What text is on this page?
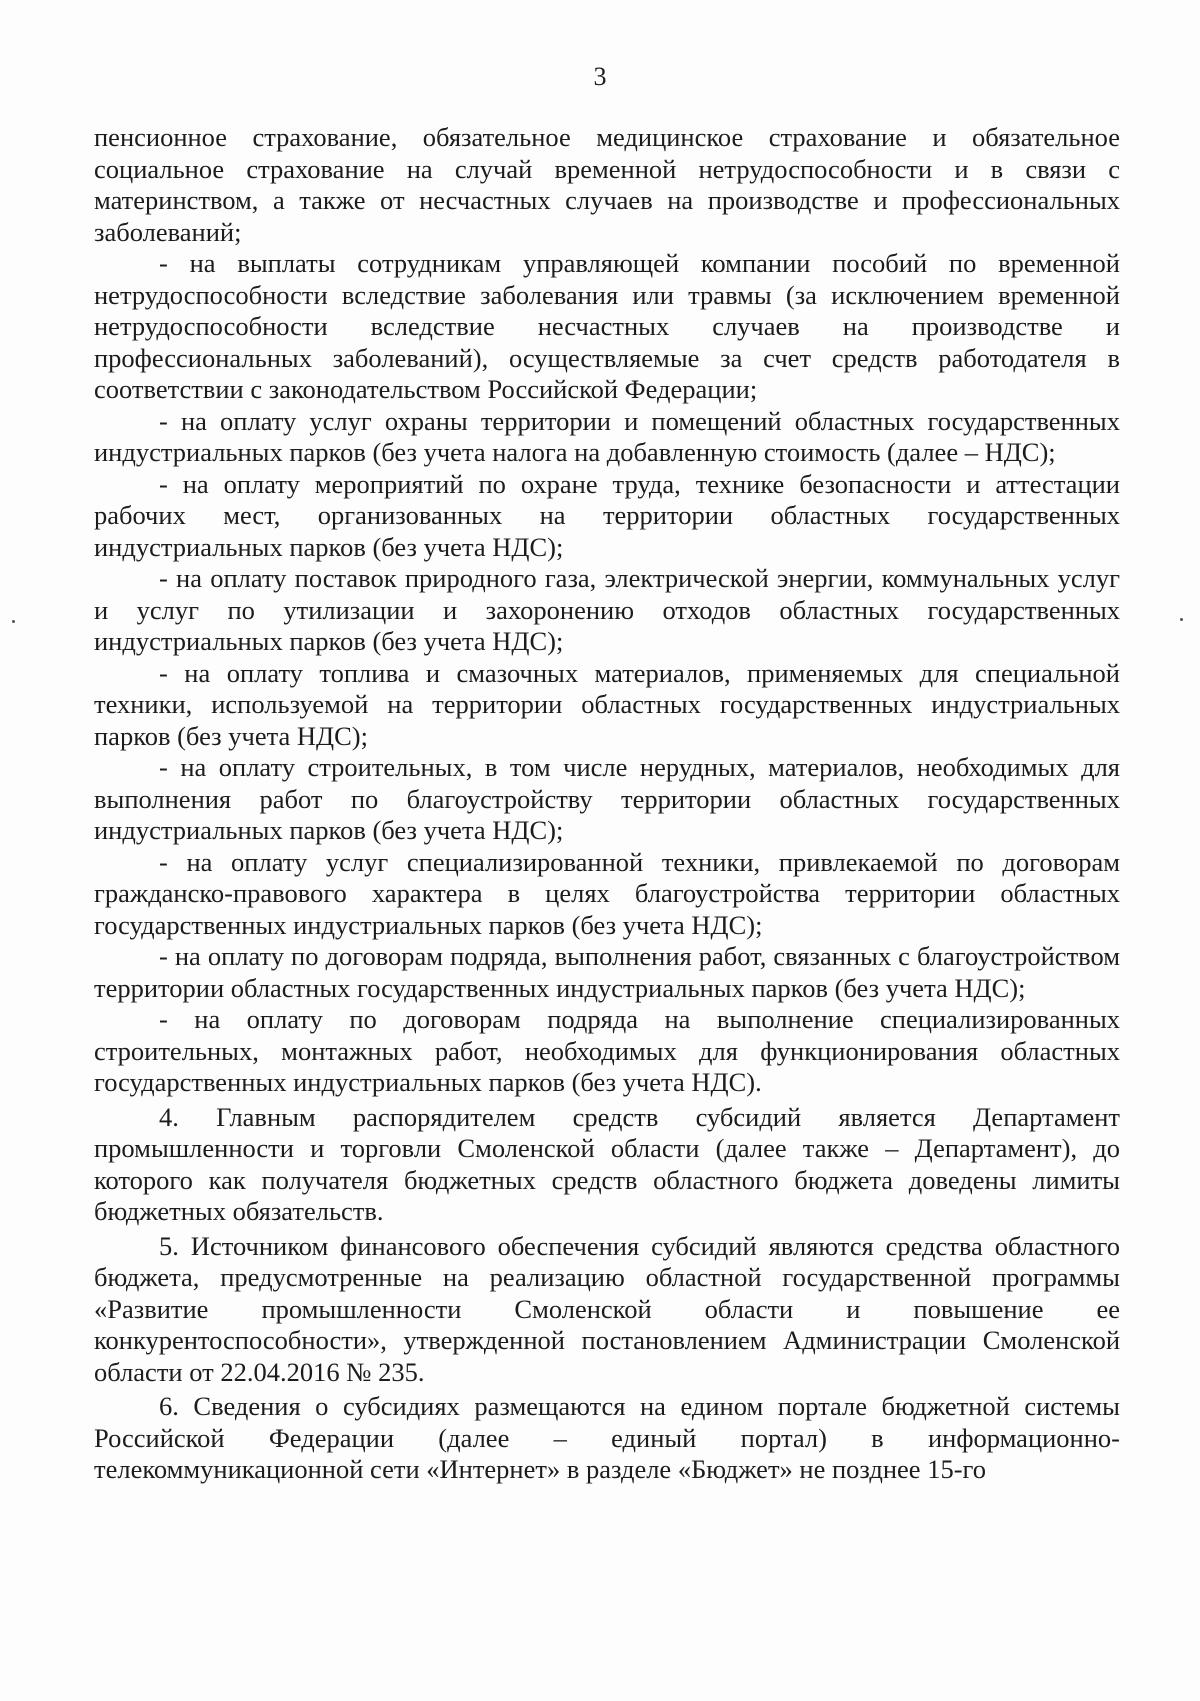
3

пенсионное страхование, обязательное медицинское страхование и обязательное социальное страхование на случай временной нетрудоспособности и в связи с материнством, а также от несчастных случаев на производстве и профессиональных заболеваний;

- на выплаты сотрудникам управляющей компании пособий по временной нетрудоспособности вследствие заболевания или травмы (за исключением временной нетрудоспособности вследствие несчастных случаев на производстве и профессиональных заболеваний), осуществляемые за счет средств работодателя в соответствии с законодательством Российской Федерации;

- на оплату услуг охраны территории и помещений областных государственных индустриальных парков (без учета налога на добавленную стоимость (далее – НДС);

- на оплату мероприятий по охране труда, технике безопасности и аттестации рабочих мест, организованных на территории областных государственных индустриальных парков (без учета НДС);

- на оплату поставок природного газа, электрической энергии, коммунальных услуг и услуг по утилизации и захоронению отходов областных государственных индустриальных парков (без учета НДС);

- на оплату топлива и смазочных материалов, применяемых для специальной техники, используемой на территории областных государственных индустриальных парков (без учета НДС);

- на оплату строительных, в том числе нерудных, материалов, необходимых для выполнения работ по благоустройству территории областных государственных индустриальных парков (без учета НДС);

- на оплату услуг специализированной техники, привлекаемой по договорам гражданско-правового характера в целях благоустройства территории областных государственных индустриальных парков (без учета НДС);

- на оплату по договорам подряда, выполнения работ, связанных с благоустройством территории областных государственных индустриальных парков (без учета НДС);

- на оплату по договорам подряда на выполнение специализированных строительных, монтажных работ, необходимых для функционирования областных государственных индустриальных парков (без учета НДС).

4. Главным распорядителем средств субсидий является Департамент промышленности и торговли Смоленской области (далее также – Департамент), до которого как получателя бюджетных средств областного бюджета доведены лимиты бюджетных обязательств.

5. Источником финансового обеспечения субсидий являются средства областного бюджета, предусмотренные на реализацию областной государственной программы «Развитие промышленности Смоленской области и повышение ее конкурентоспособности», утвержденной постановлением Администрации Смоленской области от 22.04.2016 № 235.

6. Сведения о субсидиях размещаются на едином портале бюджетной системы Российской Федерации (далее – единый портал) в информационно-телекоммуникационной сети «Интернет» в разделе «Бюджет» не позднее 15-го
